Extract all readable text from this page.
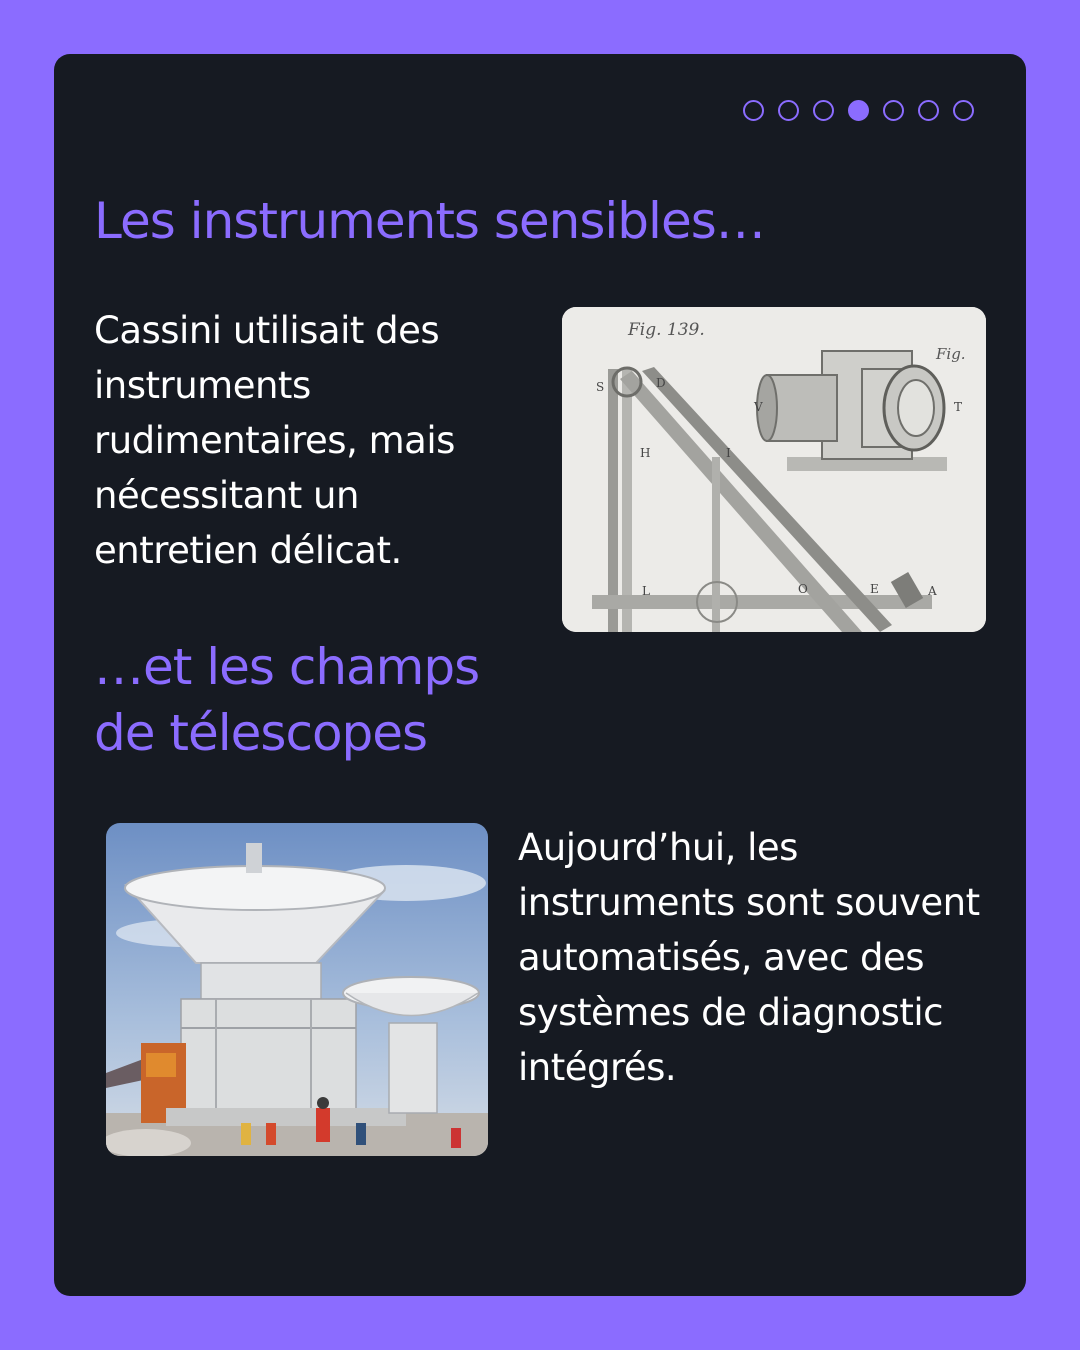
Les instruments sensibles…

Cassini utilisait des instruments rudimentaires, mais nécessitant un entretien délicat.

Fig. 139.
Fig.
S	D
H	I
V	T
L	O	E	A
…et les champs de télescopes

Aujourd’hui, les instruments sont souvent automatisés, avec des systèmes de diagnostic intégrés.
